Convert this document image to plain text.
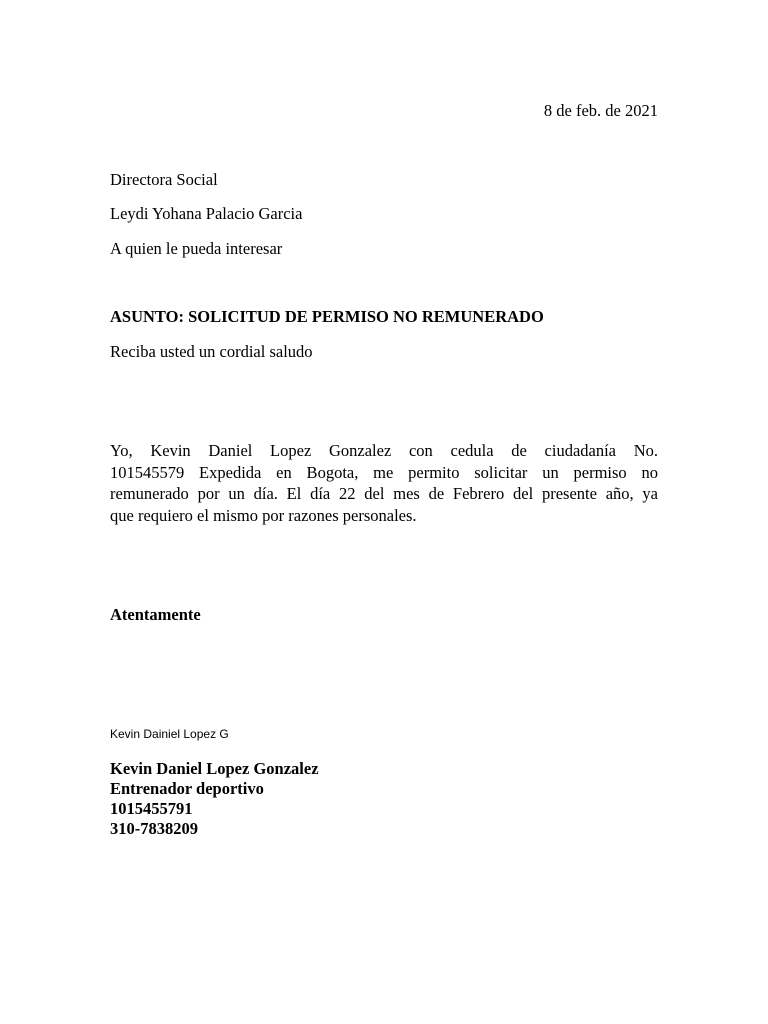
8 de feb. de 2021
Directora Social
Leydi Yohana Palacio Garcia
A quien le pueda interesar
ASUNTO: SOLICITUD DE PERMISO NO REMUNERADO
Reciba usted un cordial saludo
Yo, Kevin Daniel Lopez Gonzalez con cedula de ciudadanía No.
101545579 Expedida en Bogota, me permito solicitar un permiso no
remunerado por un día. El día 22 del mes de Febrero del presente año, ya
que requiero el mismo por razones personales.
Atentamente
Kevin Dainiel Lopez G
Kevin Daniel Lopez Gonzalez
Entrenador deportivo
1015455791
310-7838209
